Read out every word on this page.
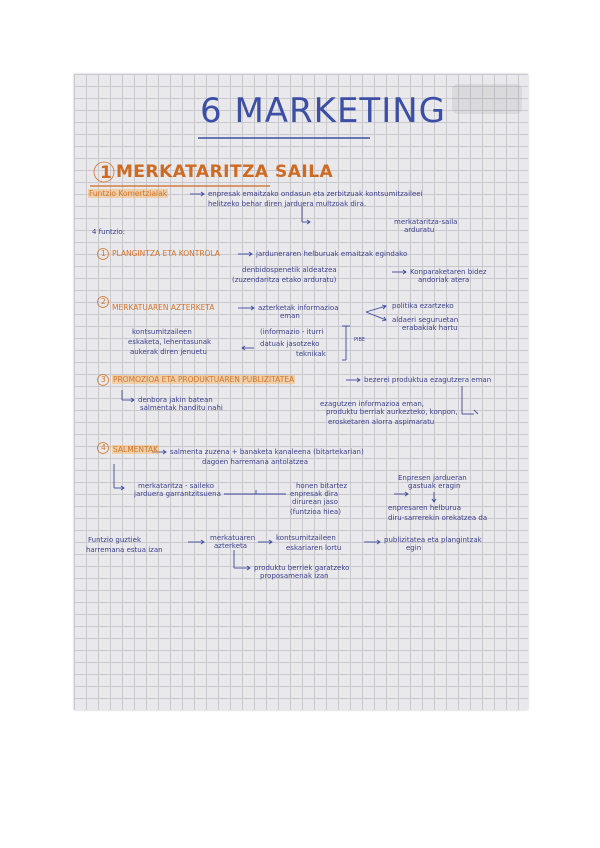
6 MARKETING
1 MERKATARITZA SAILA
Funtzio Komertzialak	enpresak emaitzako ondasun eta zerbitzuak kontsumitzaileei
helitzeko behar diren jarduera multzoak dira.
merkataritza-saila
arduratu
4 funtzio:
1 PLANGINTZA ETA KONTROLA	jarduneraren helburuak emaitzak egindako
denbidospenetik aldeatzea
(zuzendaritza etako arduratu)
Konparaketaren bidez
andoriak atera
2
MERKATUAREN AZTERKETA	azterketak informazioa
eman
politika ezartzeko
aldaeri seguruetan
erabakiak hartu
kontsumitzaileen
eskaketa, lehentasunak
aukerak diren jenuetu
(informazio - iturri
datuak jasotzeko
teknikak
PIBE
3 PROMOZIOA ETA PRODUKTUAREN PUBLIZITATEA	bezerei produktua ezagutzera eman
denbora jakin batean
salmentak handitu nahi	ezagutzen informazioa eman,
produktu berriak aurkezteko, konpon,
erosketaren alorra aspimaratu
4 SALMENTAK salmenta zuzena + banaketa kanaleena (bitartekarian)
dagoen harremana antolatzea
merkataritza - saileko
jarduera garrantzitsuena
honen bitartez
enpresak dira
dirurean jaso
(funtzioa hiea)
Enpresen jardueran
gastuak eragin
enpresaren helburua
diru-sarrerekin orekatzea da
Funtzio guztiek
harremana estua izan
merkatuaren
azterketa
kontsumitzaileen
eskariaren lortu
publizitatea eta plangintzak
egin
produktu berriek garatzeko
proposamenak izan
